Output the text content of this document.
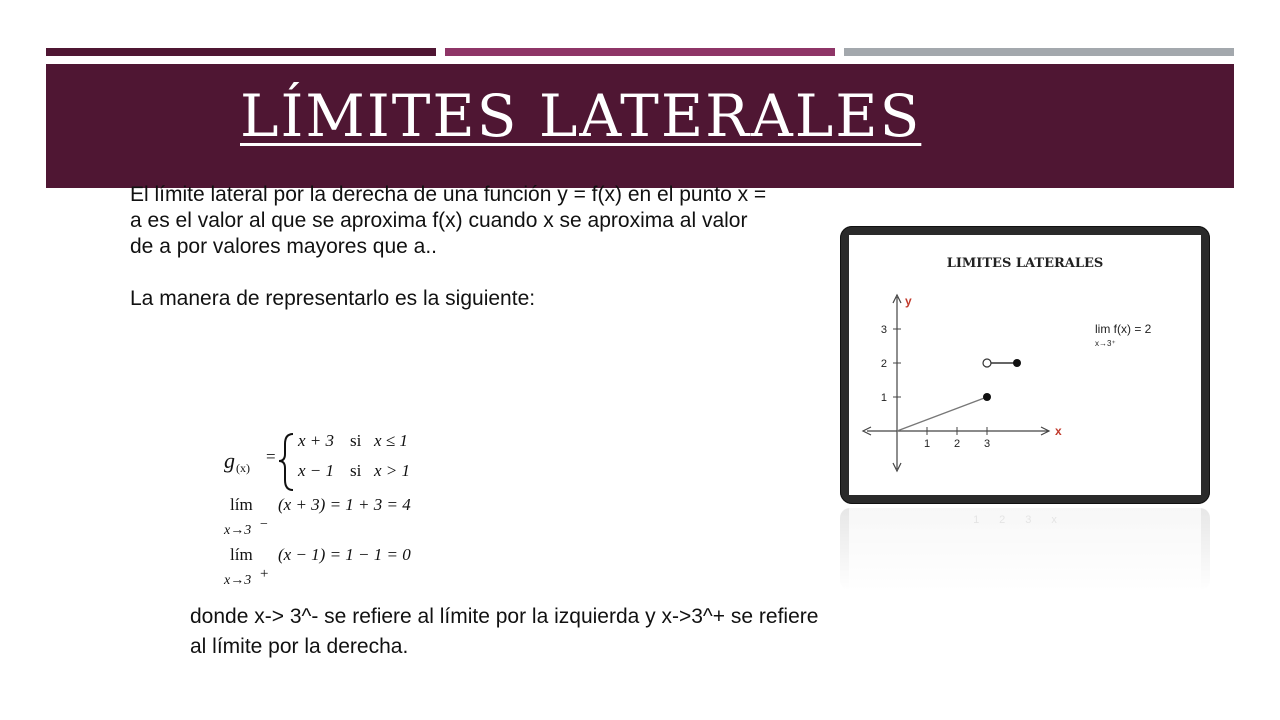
LÍMITES LATERALES

El límite lateral por la derecha de una función y = f(x) en el punto x = a es el valor al que se aproxima f(x) cuando x se aproxima al valor de a por valores mayores que a..

La manera de representarlo es la siguiente:

g (x)
=
x + 3 si x ≤ 1
x − 1 si x > 1
lím (x + 3) = 1 + 3 = 4
x→3 −
lím (x − 1) = 1 − 1 = 0
x→3 +

donde x-> 3^- se refiere al límite por la izquierda y x->3^+ se refiere al límite por la derecha.

LIMITES LATERALES
y
x
1 2 3
1
2
3	lim f(x) = 2
x→3⁺
123x
